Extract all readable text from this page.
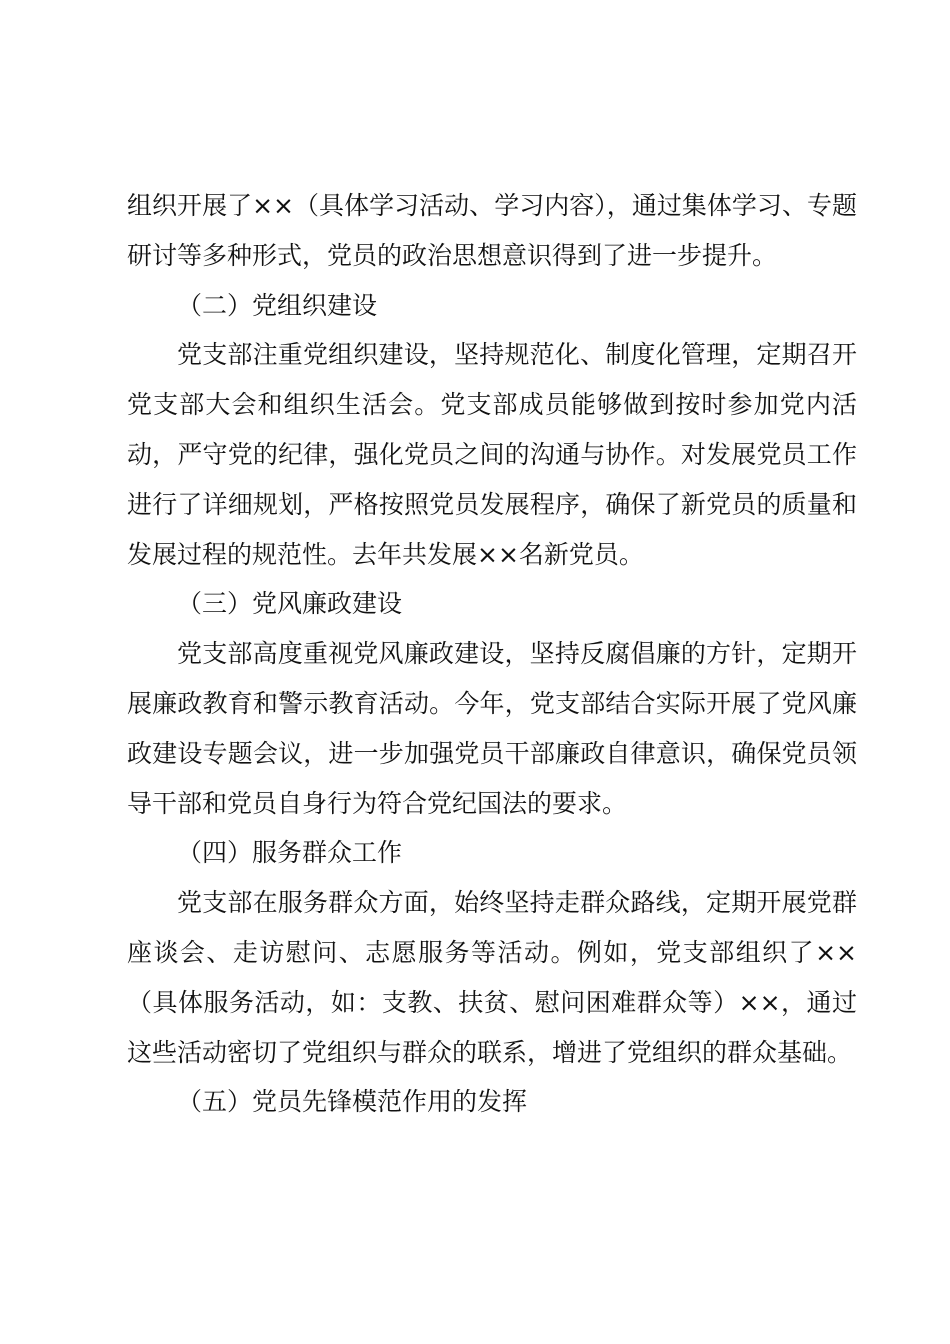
组织开展了××（具体学习活动、学习内容），通过集体学习、专题研讨等多种形式，党员的政治思想意识得到了进一步提升。

（二）党组织建设

党支部注重党组织建设，坚持规范化、制度化管理，定期召开党支部大会和组织生活会。党支部成员能够做到按时参加党内活动，严守党的纪律，强化党员之间的沟通与协作。对发展党员工作进行了详细规划，严格按照党员发展程序，确保了新党员的质量和发展过程的规范性。去年共发展××名新党员。

（三）党风廉政建设

党支部高度重视党风廉政建设，坚持反腐倡廉的方针，定期开展廉政教育和警示教育活动。今年，党支部结合实际开展了党风廉政建设专题会议，进一步加强党员干部廉政自律意识，确保党员领导干部和党员自身行为符合党纪国法的要求。

（四）服务群众工作

党支部在服务群众方面，始终坚持走群众路线，定期开展党群座谈会、走访慰问、志愿服务等活动。例如，党支部组织了××（具体服务活动，如：支教、扶贫、慰问困难群众等）××，通过这些活动密切了党组织与群众的联系，增进了党组织的群众基础。

（五）党员先锋模范作用的发挥
